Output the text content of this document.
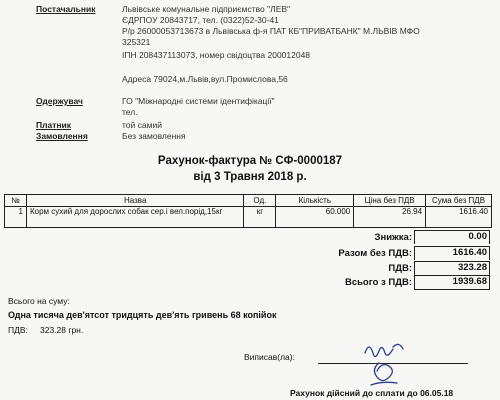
Постачальник	Львівське комунальне підприємство "ЛЕВ"
ЄДРПОУ 20843717, тел. (0322)52-30-41
Р/р 26000053713673 в Львівська ф-я ПАТ КБ"ПРИВАТБАНК" М.ЛЬВІВ МФО
325321
ІПН 208437113073, номер свідоцтва 200012048
Адреса 79024,м.Львів,вул.Промислова,56
Одержувач	ГО "Міжнародні системи ідентифікації"
тел.
Платник	той самий
Замовлення	Без замовлення
Рахунок-фактура № СФ-0000187
від 3 Травня 2018 р.
№	Назва	Од.	Кількість	Ціна без ПДВ	Сума без ПДВ
1	Корм сухий для дорослих собак сер.і вел.порід,15кг	кг	60.000	26.94	1616.40
Знижка:	0.00
Разом без ПДВ:	1616.40
ПДВ:	323.28
Всього з ПДВ:	1939.68
Всього на суму:
Одна тисяча дев'ятсот тридцять дев'ять гривень 68 копійок
ПДВ: 323.28 грн.
Виписав(ла):
Рахунок дійсний до сплати до 06.05.18
